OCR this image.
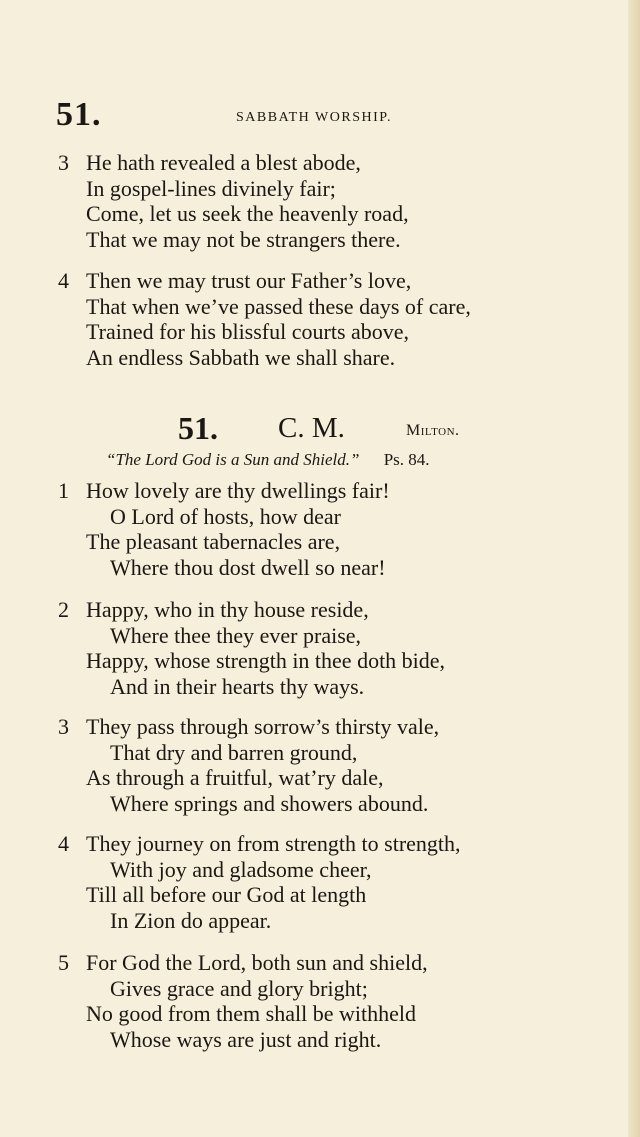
51.	SABBATH WORSHIP.
3 He hath revealed a blest abode,
In gospel-lines divinely fair;
Come, let us seek the heavenly road,
That we may not be strangers there.
4 Then we may trust our Father’s love,
That when we’ve passed these days of care,
Trained for his blissful courts above,
An endless Sabbath we shall share.
51. C. M.	Milton.
“The Lord God is a Sun and Shield.” Ps. 84.
1 How lovely are thy dwellings fair!
O Lord of hosts, how dear
The pleasant tabernacles are,
Where thou dost dwell so near!
2 Happy, who in thy house reside,
Where thee they ever praise,
Happy, whose strength in thee doth bide,
And in their hearts thy ways.
3 They pass through sorrow’s thirsty vale,
That dry and barren ground,
As through a fruitful, wat’ry dale,
Where springs and showers abound.
4 They journey on from strength to strength,
With joy and gladsome cheer,
Till all before our God at length
In Zion do appear.
5 For God the Lord, both sun and shield,
Gives grace and glory bright;
No good from them shall be withheld
Whose ways are just and right.
